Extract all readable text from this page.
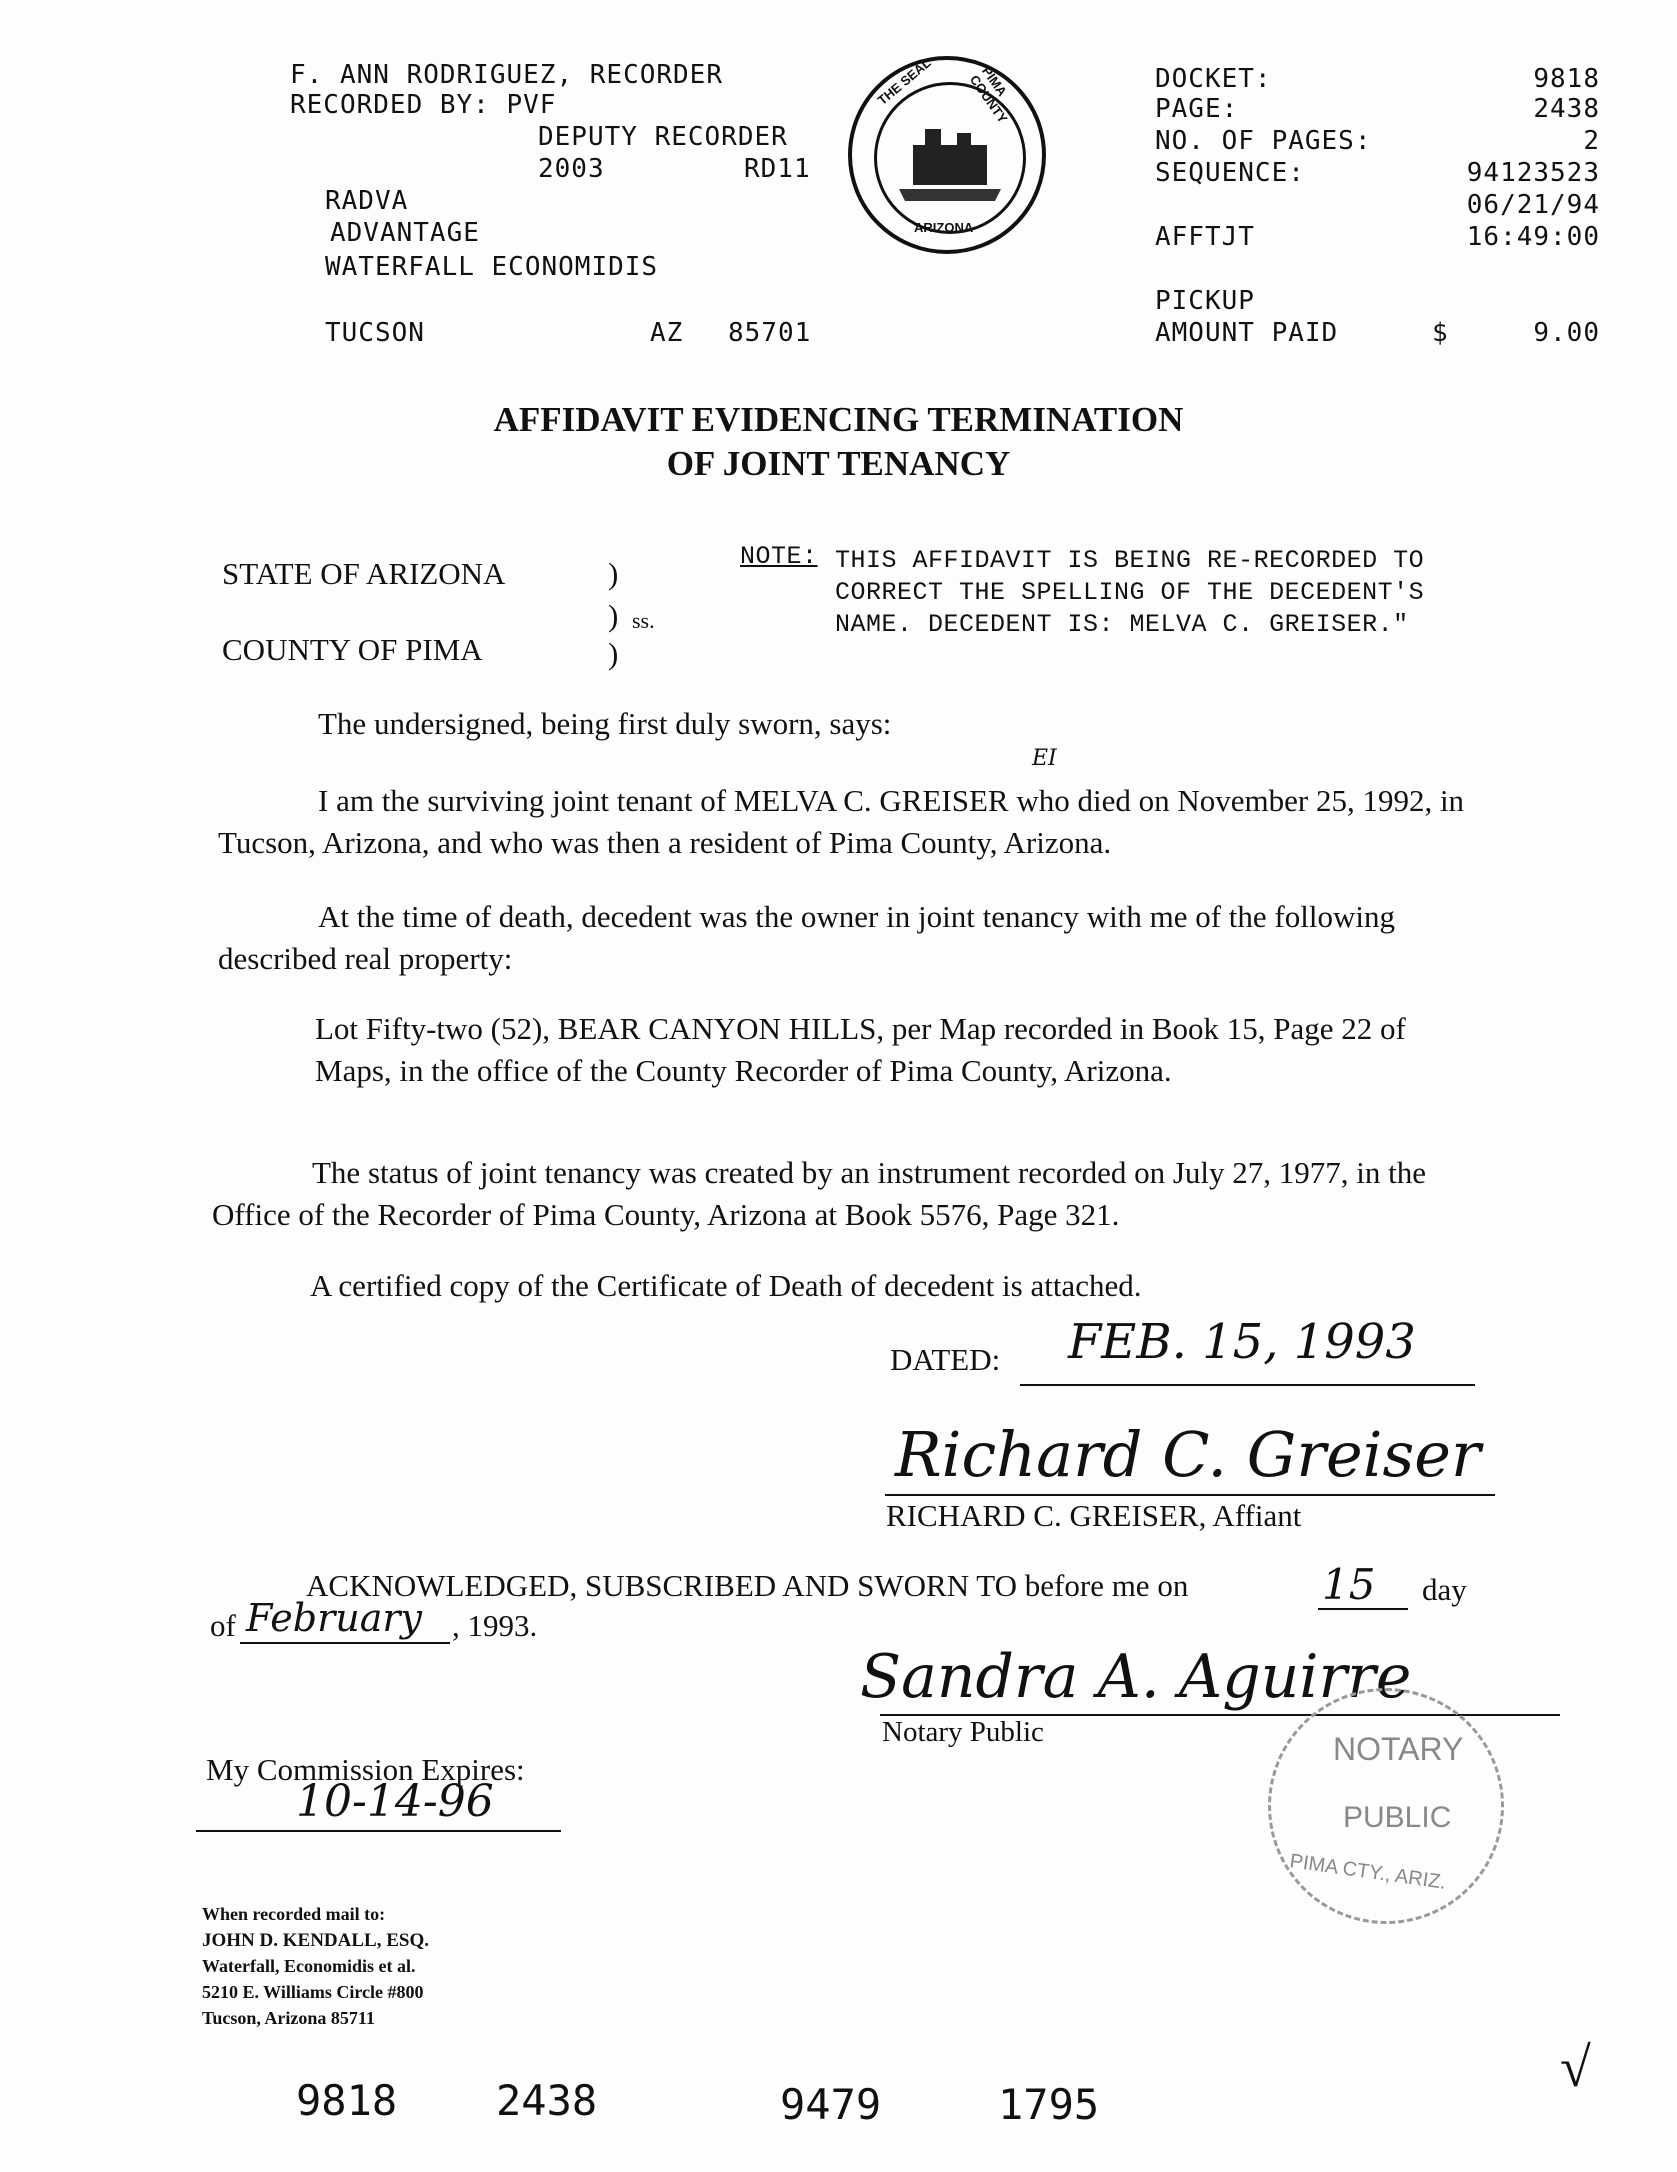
F. ANN RODRIGUEZ, RECORDER
RECORDED BY: PVF
DEPUTY RECORDER
2003	RD11
RADVA
ADVANTAGE
WATERFALL ECONOMIDIS
TUCSON	AZ 85701
THE SEAL	PIMA COUNTY
ARIZONA
DOCKET:	9818
PAGE:	2438
NO. OF PAGES:	2
SEQUENCE:	94123523
06/21/94
AFFTJT	16:49:00
PICKUP
AMOUNT PAID	$	9.00
AFFIDAVIT EVIDENCING TERMINATION
OF JOINT TENANCY
STATE OF ARIZONA	)
) ss.
COUNTY OF PIMA	)
NOTE: THIS AFFIDAVIT IS BEING RE-RECORDED TO
CORRECT THE SPELLING OF THE DECEDENT'S
NAME. DECEDENT IS: MELVA C. GREISER."
The undersigned, being first duly sworn, says:
EI
I am the surviving joint tenant of MELVA C. GREISER who died on November 25, 1992, in Tucson, Arizona, and who was then a resident of Pima County, Arizona.
At the time of death, decedent was the owner in joint tenancy with me of the following described real property:
Lot Fifty-two (52), BEAR CANYON HILLS, per Map recorded in Book 15, Page 22 of Maps, in the office of the County Recorder of Pima County, Arizona.
The status of joint tenancy was created by an instrument recorded on July 27, 1977, in the Office of the Recorder of Pima County, Arizona at Book 5576, Page 321.
A certified copy of the Certificate of Death of decedent is attached.
DATED: FEB. 15, 1993
Richard C. Greiser
RICHARD C. GREISER, Affiant
ACKNOWLEDGED, SUBSCRIBED AND SWORN TO before me on	15 day
of February , 1993.
Sandra A. Aguirre
Notary Public	NOTARY
PUBLIC
PIMA CTY., ARIZ.
My Commission Expires:
10-14-96
When recorded mail to:
JOHN D. KENDALL, ESQ.
Waterfall, Economidis et al.
5210 E. Williams Circle #800
Tucson, Arizona 85711
9818 2438	9479	1795
√
